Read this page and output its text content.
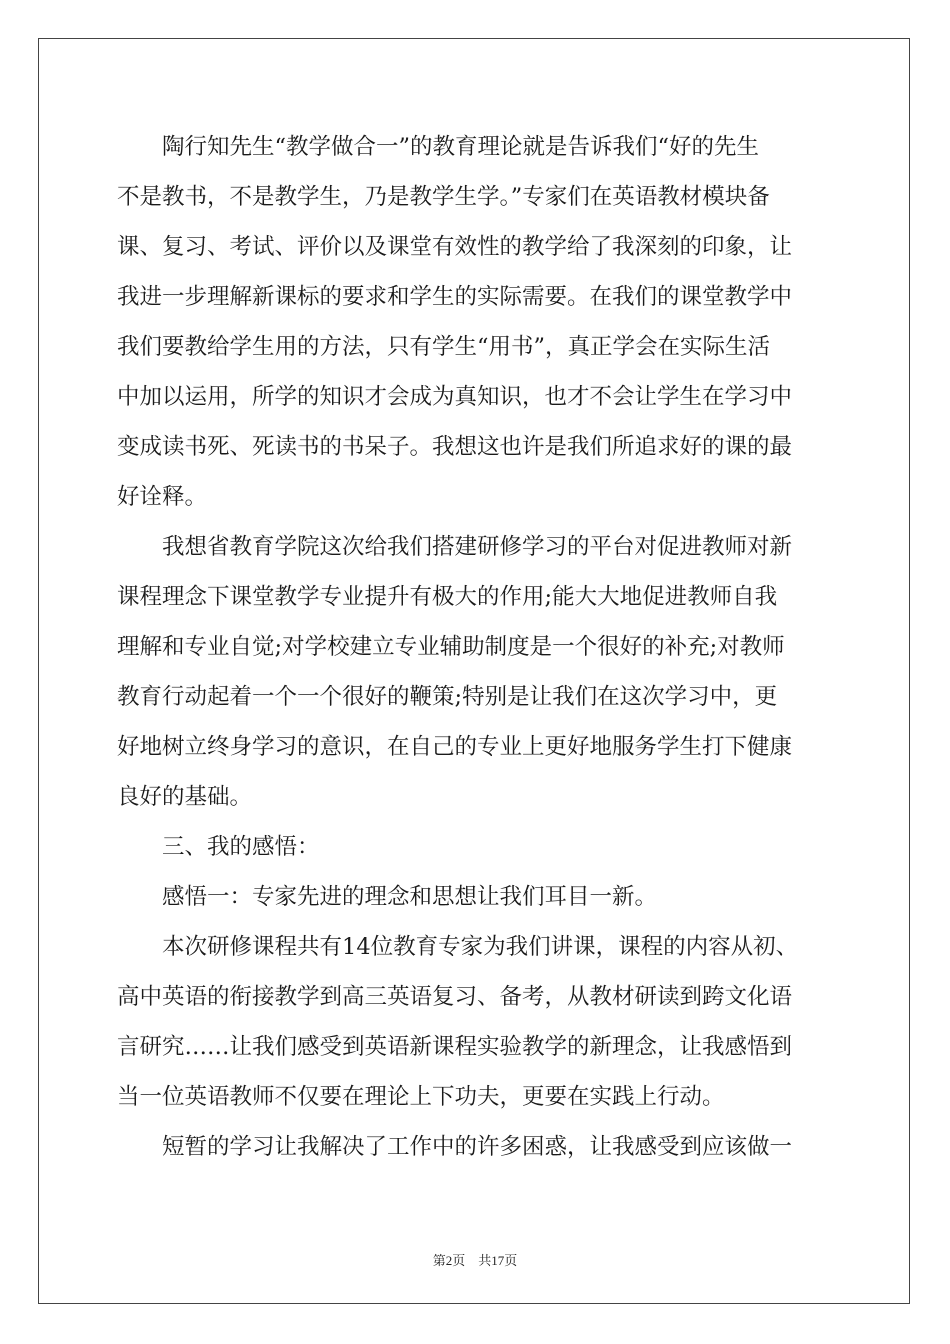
　　陶行知先生“教学做合一”的教育理论就是告诉我们“好的先生

不是教书，不是教学生，乃是教学生学。”专家们在英语教材模块备

课、复习、考试、评价以及课堂有效性的教学给了我深刻的印象，让

我进一步理解新课标的要求和学生的实际需要。在我们的课堂教学中

我们要教给学生用的方法，只有学生“用书”，真正学会在实际生活

中加以运用，所学的知识才会成为真知识，也才不会让学生在学习中

变成读书死、死读书的书呆子。我想这也许是我们所追求好的课的最

好诠释。

　　我想省教育学院这次给我们搭建研修学习的平台对促进教师对新

课程理念下课堂教学专业提升有极大的作用;能大大地促进教师自我

理解和专业自觉;对学校建立专业辅助制度是一个很好的补充;对教师

教育行动起着一个一个很好的鞭策;特别是让我们在这次学习中，更

好地树立终身学习的意识，在自己的专业上更好地服务学生打下健康

良好的基础。

　　三、我的感悟：

　　感悟一：专家先进的理念和思想让我们耳目一新。

　　本次研修课程共有14位教育专家为我们讲课，课程的内容从初、

高中英语的衔接教学到高三英语复习、备考，从教材研读到跨文化语

言研究……让我们感受到英语新课程实验教学的新理念，让我感悟到

当一位英语教师不仅要在理论上下功夫，更要在实践上行动。

　　短暂的学习让我解决了工作中的许多困惑，让我感受到应该做一

第2页　共17页
